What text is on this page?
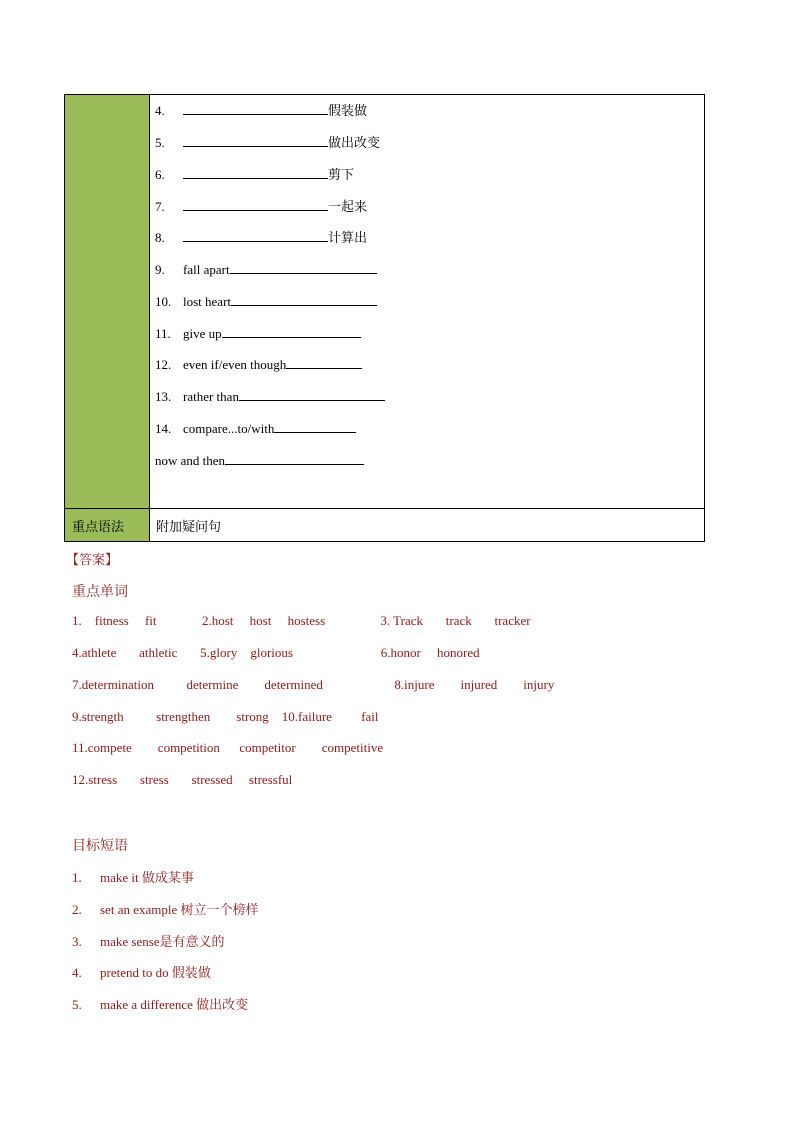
重点语法 附加疑问句
4.	假装做
5.	做出改变
6.	剪下
7.	一起来
8.	计算出
9. fall apart
10. lost heart
11. give up
12. even if/even though
13. rather than
14. compare...to/with
now and then
【答案】
重点单词
1.    fitness     fit              2.host     host     hostess                 3. Track       track       tracker
4.athlete       athletic       5.glory    glorious                           6.honor     honored
7.determination          determine        determined                      8.injure        injured        injury
9.strength          strengthen        strong    10.failure         fail
11.compete        competition      competitor        competitive
12.stress       stress       stressed     stressful
目标短语
1. make it 做成某事
2. set an example 树立一个榜样
3. make sense是有意义的
4. pretend to do 假装做
5. make a difference 做出改变
